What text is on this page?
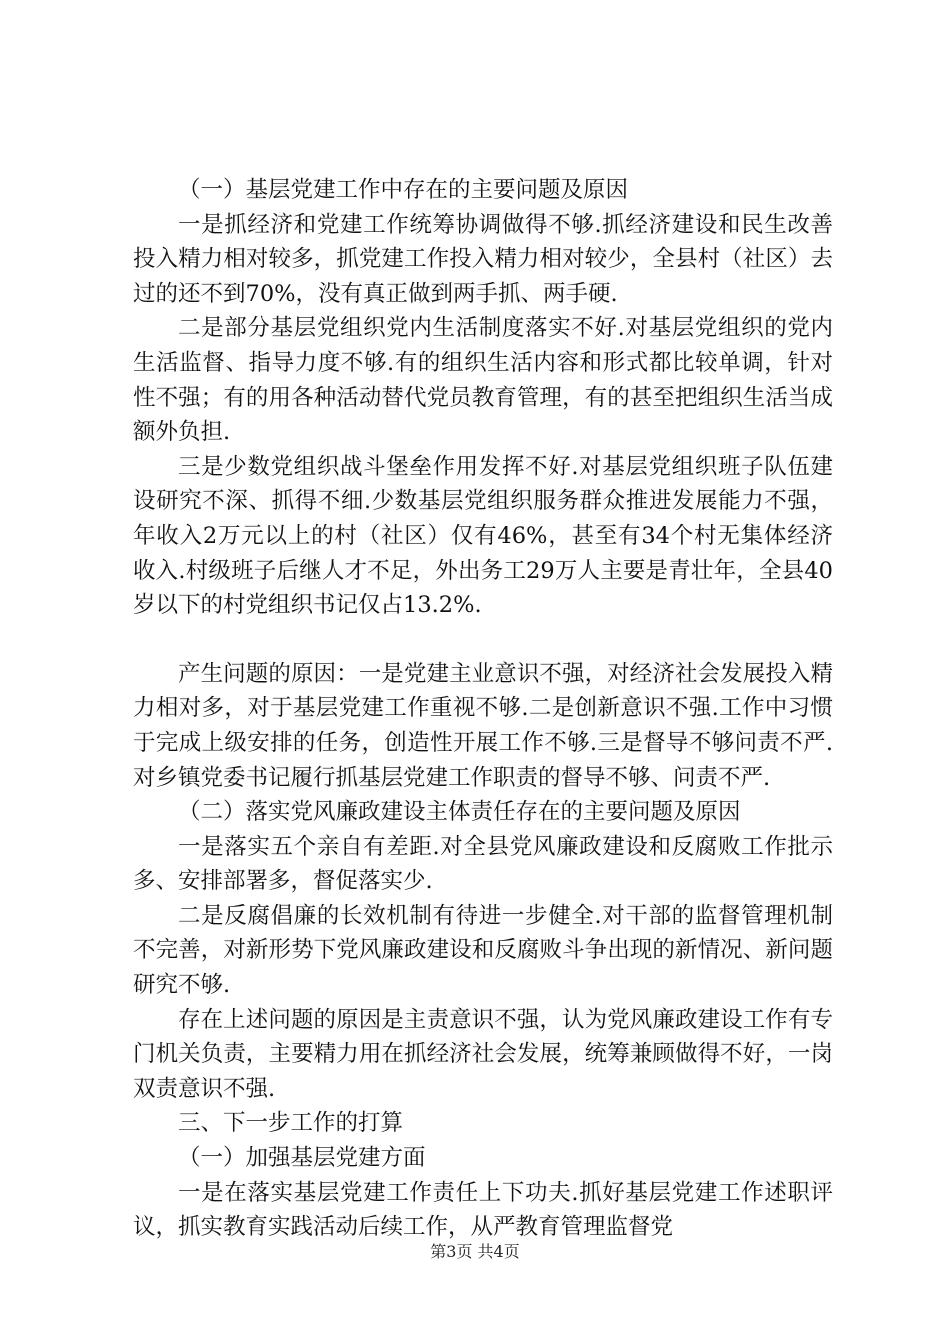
（一）基层党建工作中存在的主要问题及原因

一是抓经济和党建工作统筹协调做得不够.抓经济建设和民生改善投入精力相对较多，抓党建工作投入精力相对较少，全县村（社区）去过的还不到70%，没有真正做到两手抓、两手硬.

二是部分基层党组织党内生活制度落实不好.对基层党组织的党内生活监督、指导力度不够.有的组织生活内容和形式都比较单调，针对性不强；有的用各种活动替代党员教育管理，有的甚至把组织生活当成额外负担.

三是少数党组织战斗堡垒作用发挥不好.对基层党组织班子队伍建设研究不深、抓得不细.少数基层党组织服务群众推进发展能力不强，年收入2万元以上的村（社区）仅有46%，甚至有34个村无集体经济收入.村级班子后继人才不足，外出务工29万人主要是青壮年，全县40岁以下的村党组织书记仅占13.2%.

产生问题的原因：一是党建主业意识不强，对经济社会发展投入精力相对多，对于基层党建工作重视不够.二是创新意识不强.工作中习惯于完成上级安排的任务，创造性开展工作不够.三是督导不够问责不严.对乡镇党委书记履行抓基层党建工作职责的督导不够、问责不严.

（二）落实党风廉政建设主体责任存在的主要问题及原因

一是落实五个亲自有差距.对全县党风廉政建设和反腐败工作批示多、安排部署多，督促落实少.

二是反腐倡廉的长效机制有待进一步健全.对干部的监督管理机制不完善，对新形势下党风廉政建设和反腐败斗争出现的新情况、新问题研究不够.

存在上述问题的原因是主责意识不强，认为党风廉政建设工作有专门机关负责，主要精力用在抓经济社会发展，统筹兼顾做得不好，一岗双责意识不强.

三、下一步工作的打算

（一）加强基层党建方面

一是在落实基层党建工作责任上下功夫.抓好基层党建工作述职评议，抓实教育实践活动后续工作，从严教育管理监督党

第3页 共4页
